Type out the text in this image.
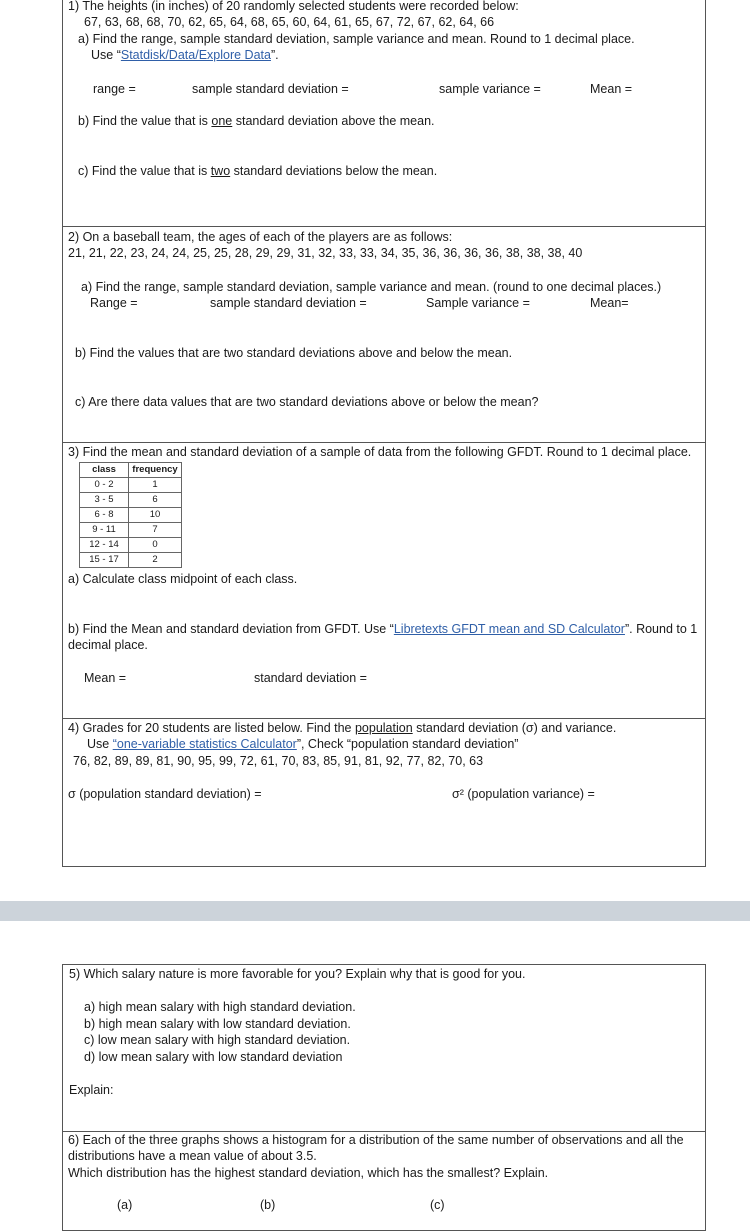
1) The heights (in inches) of 20 randomly selected students were recorded below:
67, 63, 68, 68, 70, 62, 65, 64, 68, 65, 60, 64, 61, 65, 67, 72, 67, 62, 64, 66
a) Find the range, sample standard deviation, sample variance and mean. Round to 1 decimal place.
Use “Statdisk/Data/Explore Data”.
range =	sample standard deviation =	sample variance =	Mean =
b) Find the value that is one standard deviation above the mean.
c) Find the value that is two standard deviations below the mean.
2) On a baseball team, the ages of each of the players are as follows:
21, 21, 22, 23, 24, 24, 25, 25, 28, 29, 29, 31, 32, 33, 33, 34, 35, 36, 36, 36, 36, 38, 38, 38, 40
a) Find the range, sample standard deviation, sample variance and mean. (round to one decimal places.)
Range =	sample standard deviation =	Sample variance =	Mean=
b) Find the values that are two standard deviations above and below the mean.
c) Are there data values that are two standard deviations above or below the mean?
3) Find the mean and standard deviation of a sample of data from the following GFDT. Round to 1 decimal place.
class	frequency
0 - 2	1
3 - 5	6
6 - 8	10
9 - 11	7
12 - 14	0
15 - 17	2
a) Calculate class midpoint of each class.
b) Find the Mean and standard deviation from GFDT. Use “Libretexts GFDT mean and SD Calculator”. Round to 1
decimal place.
Mean =	standard deviation =
4) Grades for 20 students are listed below. Find the population standard deviation (σ) and variance.
Use “one-variable statistics Calculator”, Check “population standard deviation”
76, 82, 89, 89, 81, 90, 95, 99, 72, 61, 70, 83, 85, 91, 81, 92, 77, 82, 70, 63
σ (population standard deviation) =	σ² (population variance) =
5) Which salary nature is more favorable for you? Explain why that is good for you.
a) high mean salary with high standard deviation.
b) high mean salary with low standard deviation.
c) low mean salary with high standard deviation.
d) low mean salary with low standard deviation
Explain:
6) Each of the three graphs shows a histogram for a distribution of the same number of observations and all the
distributions have a mean value of about 3.5.
Which distribution has the highest standard deviation, which has the smallest? Explain.
(a)	(b)	(c)
